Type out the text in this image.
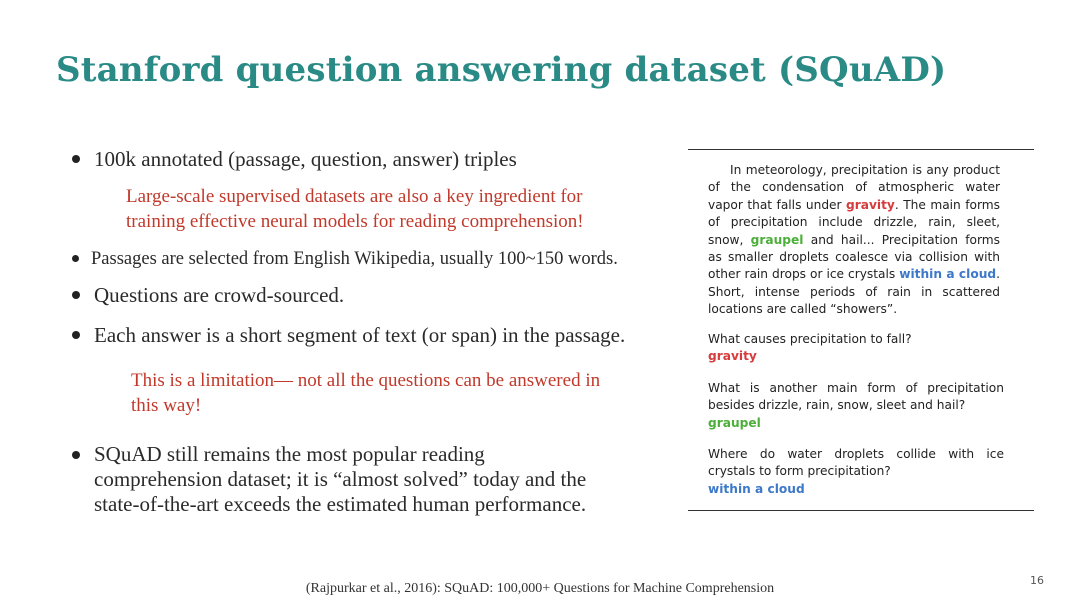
Stanford question answering dataset (SQuAD)
100k annotated (passage, question, answer) triples
Large-scale supervised datasets are also a key ingredient for training effective neural models for reading comprehension!
Passages are selected from English Wikipedia, usually 100~150 words.
Questions are crowd-sourced.
Each answer is a short segment of text (or span) in the passage.
This is a limitation— not all the questions can be answered in this way!
SQuAD still remains the most popular reading comprehension dataset; it is “almost solved” today and the state-of-the-art exceeds the estimated human performance.
In meteorology, precipitation is any product of the condensation of atmospheric water vapor that falls under gravity. The main forms of precipitation include drizzle, rain, sleet, snow, graupel and hail... Precipitation forms as smaller droplets coalesce via collision with other rain drops or ice crystals within a cloud. Short, intense periods of rain in scattered locations are called “showers”.
What causes precipitation to fall?
gravity
What is another main form of precipitation besides drizzle, rain, snow, sleet and hail?
graupel
Where do water droplets collide with ice crystals to form precipitation?
within a cloud
(Rajpurkar et al., 2016): SQuAD: 100,000+ Questions for Machine Comprehension
16
